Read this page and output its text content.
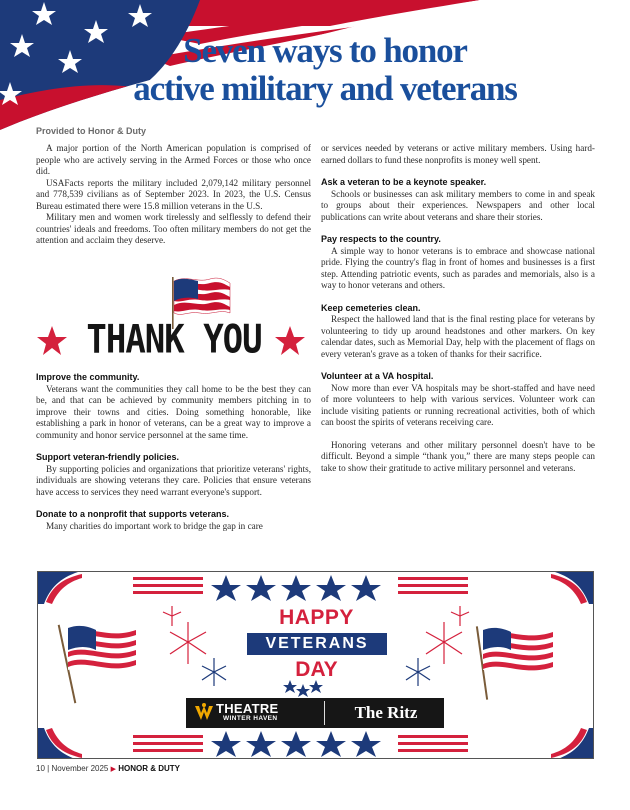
Seven ways to honor
active military and veterans
Provided to Honor & Duty

A major portion of the North American population is comprised of people who are actively serving in the Armed Forces or those who once did.

USAFacts reports the military included 2,079,142 military personnel and 778,539 civilians as of September 2023. In 2023, the U.S. Census Bureau estimated there were 15.8 million veterans in the U.S.

Military men and women work tirelessly and selflessly to defend their countries' ideals and freedoms. Too often military members do not get the attention and acclaim they deserve.

THANK YOU
Improve the community.

Veterans want the communities they call home to be the best they can be, and that can be achieved by community members pitching in to improve their towns and cities. Doing something honorable, like establishing a park in honor of veterans, can be a great way to improve a community and honor service personnel at the same time.

Support veteran-friendly policies.

By supporting policies and organizations that prioritize veterans' rights, individuals are showing veterans they care. Policies that ensure veterans have access to services they need warrant everyone's support.

Donate to a nonprofit that supports veterans.

Many charities do important work to bridge the gap in care

or services needed by veterans or active military members. Using hard-earned dollars to fund these nonprofits is money well spent.

Ask a veteran to be a keynote speaker.

Schools or businesses can ask military members to come in and speak to groups about their experiences. Newspapers and other local publications can write about veterans and share their stories.

Pay respects to the country.

A simple way to honor veterans is to embrace and showcase national pride. Flying the country's flag in front of homes and businesses is a first step. Attending patriotic events, such as parades and memorials, also is a way to honor veterans and others.

Keep cemeteries clean.

Respect the hallowed land that is the final resting place for veterans by volunteering to tidy up around headstones and other markers. On key calendar dates, such as Memorial Day, help with the placement of flags on every veteran's grave as a token of thanks for their sacrifice.

Volunteer at a VA hospital.

Now more than ever VA hospitals may be short-staffed and have need of more volunteers to help with various services. Volunteer work can include visiting patients or running recreational activities, both of which can boost the spirits of veterans receiving care.

Honoring veterans and other military personnel doesn't have to be difficult. Beyond a simple “thank you,” there are many steps people can take to show their gratitude to active military personnel and veterans.

HAPPY
VETERANS
DAY
THEATRE
WINTER HAVEN	The Ritz
10 | November 2025 ▶ HONOR & DUTY
